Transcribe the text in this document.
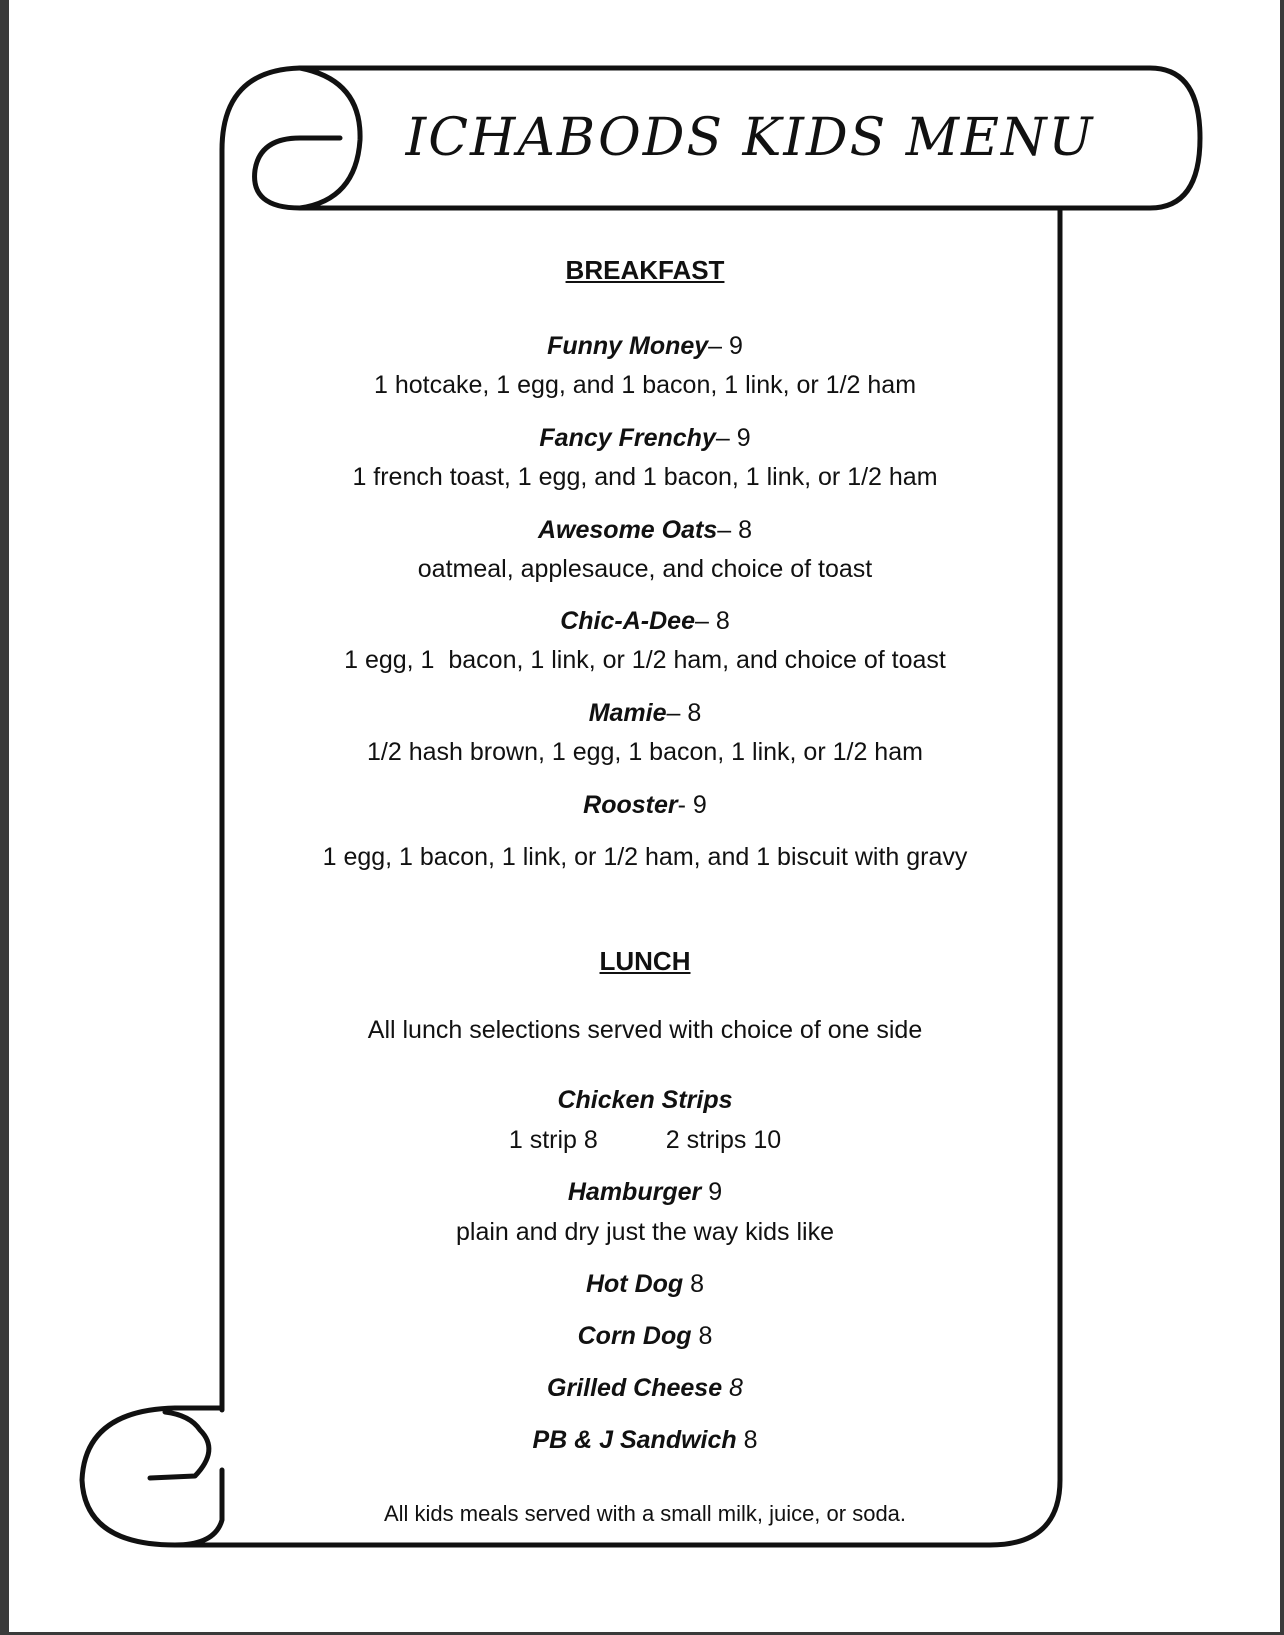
ICHABODS KIDS MENU
BREAKFAST
Funny Money– 9
1 hotcake, 1 egg, and 1 bacon, 1 link, or 1/2 ham
Fancy Frenchy– 9
1 french toast, 1 egg, and 1 bacon, 1 link, or 1/2 ham
Awesome Oats– 8
oatmeal, applesauce, and choice of toast
Chic-A-Dee– 8
1 egg, 1  bacon, 1 link, or 1/2 ham, and choice of toast
Mamie– 8
1/2 hash brown, 1 egg, 1 bacon, 1 link, or 1/2 ham
Rooster- 9
1 egg, 1 bacon, 1 link, or 1/2 ham, and 1 biscuit with gravy
LUNCH
All lunch selections served with choice of one side
Chicken Strips
1 strip 8	2 strips 10
Hamburger 9
plain and dry just the way kids like
Hot Dog 8
Corn Dog 8
Grilled Cheese 8
PB & J Sandwich 8
All kids meals served with a small milk, juice, or soda.
